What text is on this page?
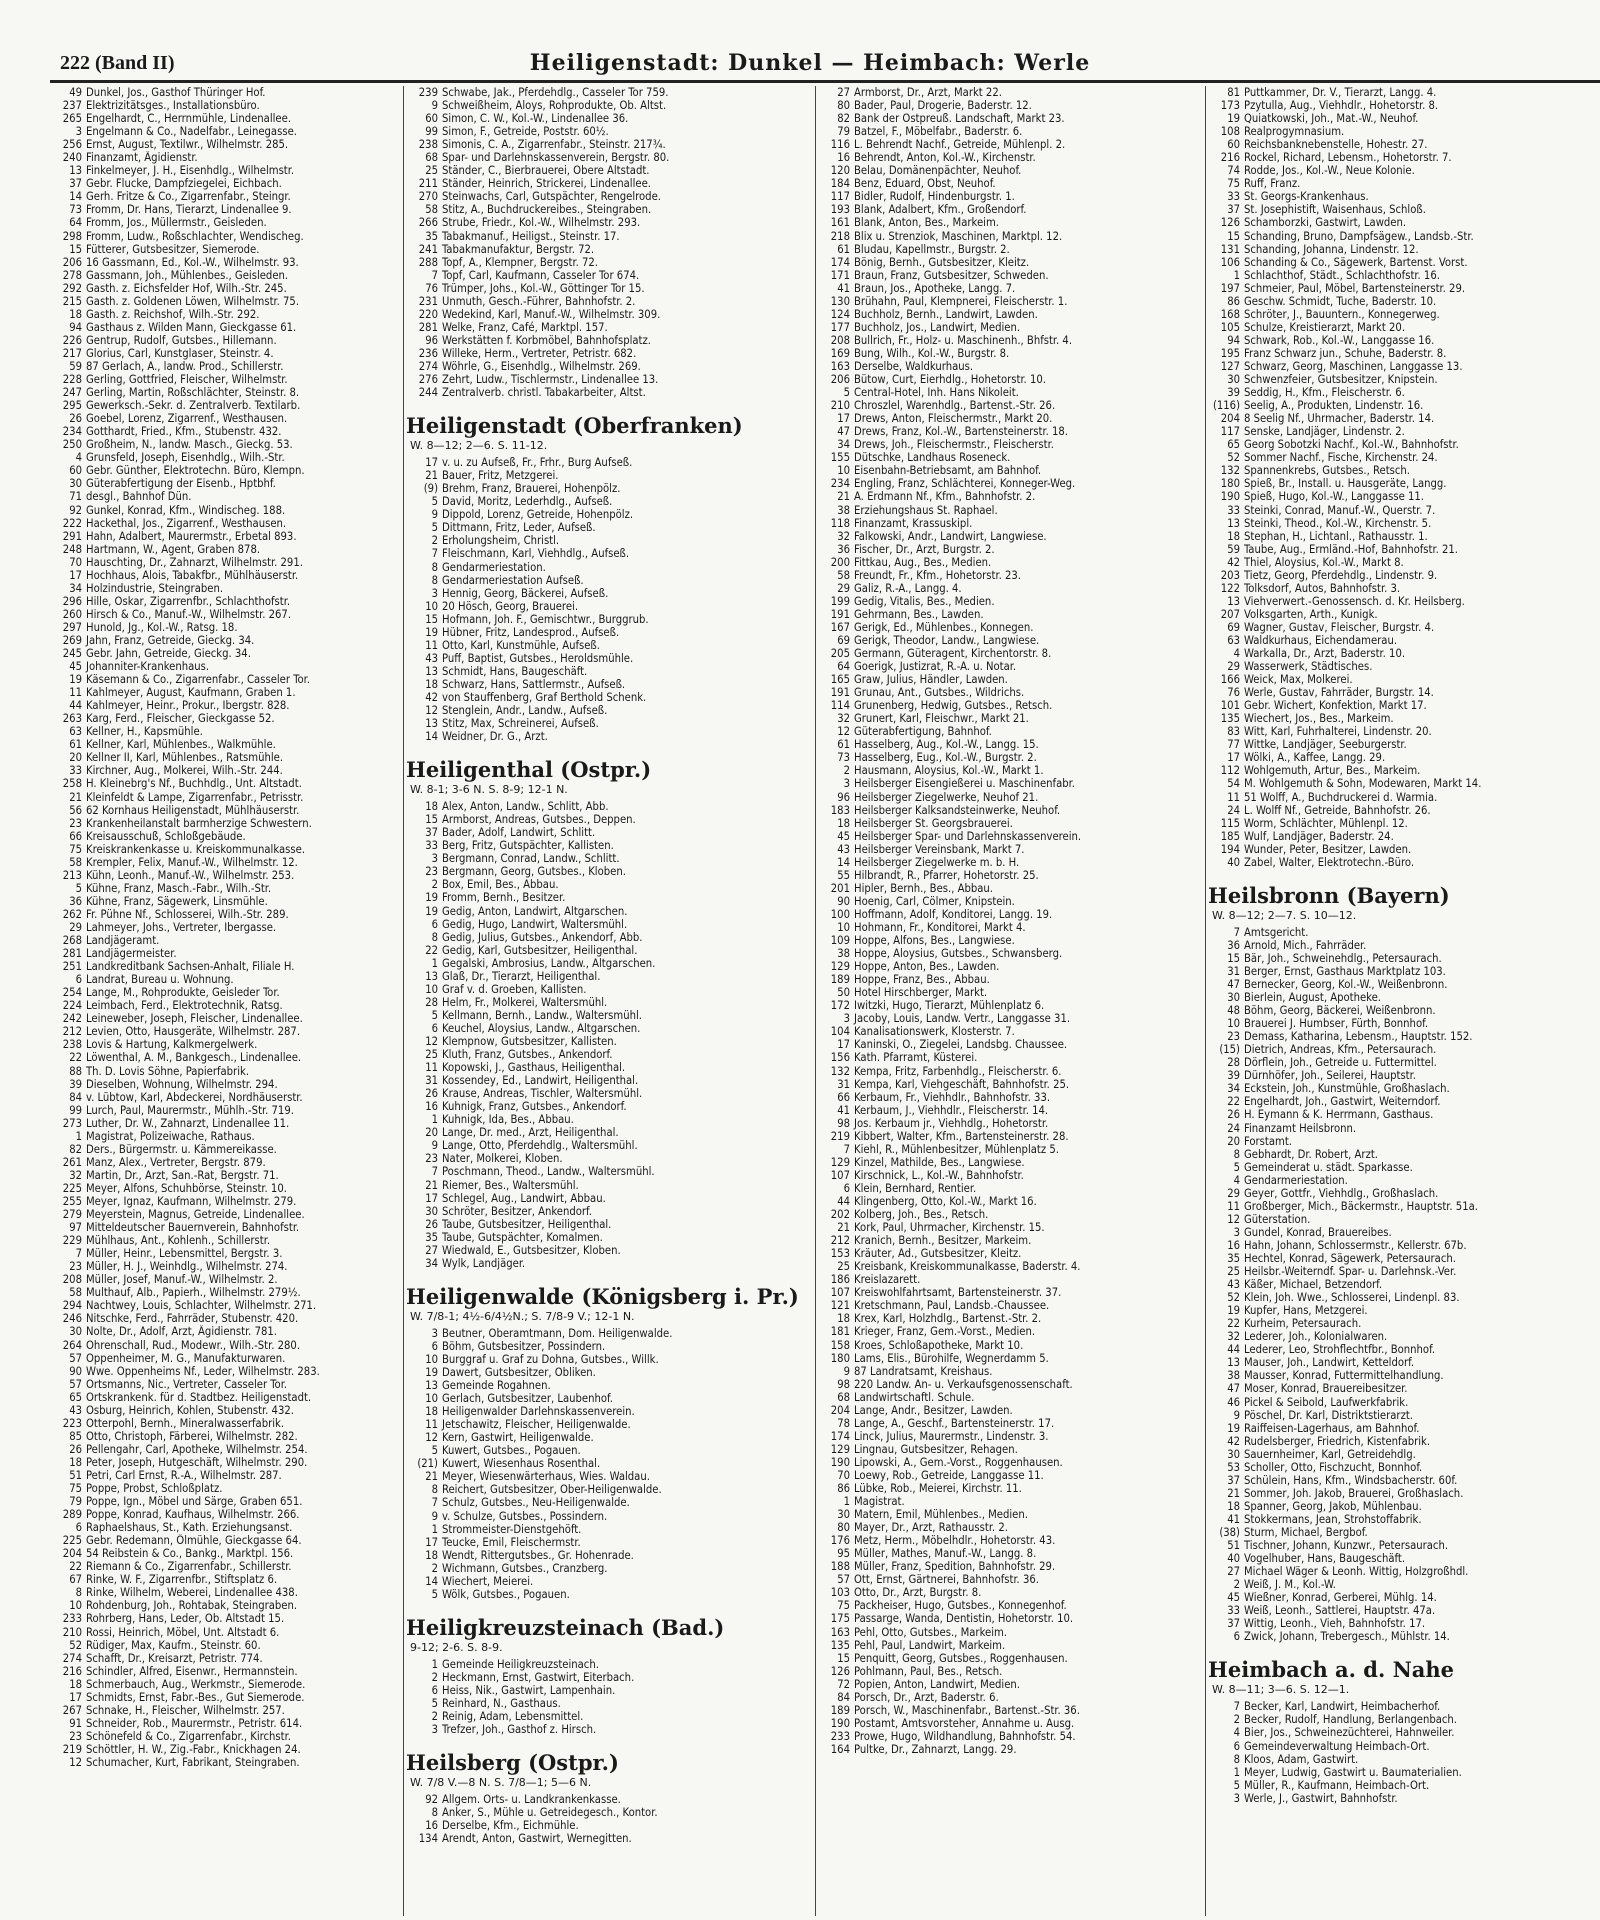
222 (Band II)	Heiligenstadt: Dunkel — Heimbach: Werle
49 Dunkel, Jos., Gasthof Thüringer Hof.
237 Elektrizitätsges., Installationsbüro.
265 Engelhardt, C., Herrnmühle, Lindenallee.
3 Engelmann & Co., Nadelfabr., Leinegasse.
256 Ernst, August, Textilwr., Wilhelmstr. 285.
240 Finanzamt, Ägidienstr.
13 Finkelmeyer, J. H., Eisenhdlg., Wilhelmstr.
37 Gebr. Flucke, Dampfziegelei, Eichbach.
14 Gerh. Fritze & Co., Zigarrenfabr., Steingr.
73 Fromm, Dr. Hans, Tierarzt, Lindenallee 9.
64 Fromm, Jos., Müllermstr., Geisleden.
298 Fromm, Ludw., Roßschlachter, Wendischeg.
15 Fütterer, Gutsbesitzer, Siemerode.
206 16 Gassmann, Ed., Kol.-W., Wilhelmstr. 93.
278 Gassmann, Joh., Mühlenbes., Geisleden.
292 Gasth. z. Eichsfelder Hof, Wilh.-Str. 245.
215 Gasth. z. Goldenen Löwen, Wilhelmstr. 75.
18 Gasth. z. Reichshof, Wilh.-Str. 292.
94 Gasthaus z. Wilden Mann, Gieckgasse 61.
226 Gentrup, Rudolf, Gutsbes., Hillemann.
217 Glorius, Carl, Kunstglaser, Steinstr. 4.
59 87 Gerlach, A., landw. Prod., Schillerstr.
228 Gerling, Gottfried, Fleischer, Wilhelmstr.
247 Gerling, Martin, Roßschlächter, Steinstr. 8.
295 Gewerksch.-Sekr. d. Zentralverb. Textilarb.
26 Goebel, Lorenz, Zigarrenf., Westhausen.
234 Gotthardt, Fried., Kfm., Stubenstr. 432.
250 Großheim, N., landw. Masch., Gieckg. 53.
4 Grunsfeld, Joseph, Eisenhdlg., Wilh.-Str.
60 Gebr. Günther, Elektrotechn. Büro, Klempn.
30 Güterabfertigung der Eisenb., Hptbhf.
71 desgl., Bahnhof Dün.
92 Gunkel, Konrad, Kfm., Windischeg. 188.
222 Hackethal, Jos., Zigarrenf., Westhausen.
291 Hahn, Adalbert, Maurermstr., Erbetal 893.
248 Hartmann, W., Agent, Graben 878.
70 Hauschting, Dr., Zahnarzt, Wilhelmstr. 291.
17 Hochhaus, Alois, Tabakfbr., Mühlhäuserstr.
34 Holzindustrie, Steingraben.
296 Hille, Oskar, Zigarrenfbr., Schlachthofstr.
260 Hirsch & Co., Manuf.-W., Wilhelmstr. 267.
297 Hunold, Jg., Kol.-W., Ratsg. 18.
269 Jahn, Franz, Getreide, Gieckg. 34.
245 Gebr. Jahn, Getreide, Gieckg. 34.
45 Johanniter-Krankenhaus.
19 Käsemann & Co., Zigarrenfabr., Casseler Tor.
11 Kahlmeyer, August, Kaufmann, Graben 1.
44 Kahlmeyer, Heinr., Prokur., Ibergstr. 828.
263 Karg, Ferd., Fleischer, Gieckgasse 52.
63 Kellner, H., Kapsmühle.
61 Kellner, Karl, Mühlenbes., Walkmühle.
20 Kellner II, Karl, Mühlenbes., Ratsmühle.
33 Kirchner, Aug., Molkerei, Wilh.-Str. 244.
258 H. Kleinebrg's Nf., Buchhdlg., Unt. Altstadt.
21 Kleinfeldt & Lampe, Zigarrenfabr., Petrisstr.
56 62 Kornhaus Heiligenstadt, Mühlhäuserstr.
23 Krankenheilanstalt barmherzige Schwestern.
66 Kreisausschuß, Schloßgebäude.
75 Kreiskrankenkasse u. Kreiskommunalkasse.
58 Krempler, Felix, Manuf.-W., Wilhelmstr. 12.
213 Kühn, Leonh., Manuf.-W., Wilhelmstr. 253.
5 Kühne, Franz, Masch.-Fabr., Wilh.-Str.
36 Kühne, Franz, Sägewerk, Linsmühle.
262 Fr. Pühne Nf., Schlosserei, Wilh.-Str. 289.
29 Lahmeyer, Johs., Vertreter, Ibergasse.
268 Landjägeramt.
281 Landjägermeister.
251 Landkreditbank Sachsen-Anhalt, Filiale H.
6 Landrat, Bureau u. Wohnung.
254 Lange, M., Rohprodukte, Geisleder Tor.
224 Leimbach, Ferd., Elektrotechnik, Ratsg.
242 Leineweber, Joseph, Fleischer, Lindenallee.
212 Levien, Otto, Hausgeräte, Wilhelmstr. 287.
238 Lovis & Hartung, Kalkmergelwerk.
22 Löwenthal, A. M., Bankgesch., Lindenallee.
88 Th. D. Lovis Söhne, Papierfabrik.
39 Dieselben, Wohnung, Wilhelmstr. 294.
84 v. Lübtow, Karl, Abdeckerei, Nordhäuserstr.
99 Lurch, Paul, Maurermstr., Mühlh.-Str. 719.
273 Luther, Dr. W., Zahnarzt, Lindenallee 11.
1 Magistrat, Polizeiwache, Rathaus.
82 Ders., Bürgermstr. u. Kämmereikasse.
261 Manz, Alex., Vertreter, Bergstr. 879.
32 Martin, Dr., Arzt, San.-Rat, Bergstr. 71.
225 Meyer, Alfons, Schuhbörse, Steinstr. 10.
255 Meyer, Ignaz, Kaufmann, Wilhelmstr. 279.
279 Meyerstein, Magnus, Getreide, Lindenallee.
97 Mitteldeutscher Bauernverein, Bahnhofstr.
229 Mühlhaus, Ant., Kohlenh., Schillerstr.
7 Müller, Heinr., Lebensmittel, Bergstr. 3.
23 Müller, H. J., Weinhdlg., Wilhelmstr. 274.
208 Müller, Josef, Manuf.-W., Wilhelmstr. 2.
58 Multhauf, Alb., Papierh., Wilhelmstr. 279½.
294 Nachtwey, Louis, Schlachter, Wilhelmstr. 271.
246 Nitschke, Ferd., Fahrräder, Stubenstr. 420.
30 Nolte, Dr., Adolf, Arzt, Ägidienstr. 781.
264 Ohrenschall, Rud., Modewr., Wilh.-Str. 280.
57 Oppenheimer, M. G., Manufakturwaren.
90 Wwe. Oppenheims Nf., Leder, Wilhelmstr. 283.
57 Ortsmanns, Nic., Vertreter, Casseler Tor.
65 Ortskrankenk. für d. Stadtbez. Heiligenstadt.
43 Osburg, Heinrich, Kohlen, Stubenstr. 432.
223 Otterpohl, Bernh., Mineralwasserfabrik.
85 Otto, Christoph, Färberei, Wilhelmstr. 282.
26 Pellengahr, Carl, Apotheke, Wilhelmstr. 254.
18 Peter, Joseph, Hutgeschäft, Wilhelmstr. 290.
51 Petri, Carl Ernst, R.-A., Wilhelmstr. 287.
75 Poppe, Probst, Schloßplatz.
79 Poppe, Ign., Möbel und Särge, Graben 651.
289 Poppe, Konrad, Kaufhaus, Wilhelmstr. 266.
6 Raphaelshaus, St., Kath. Erziehungsanst.
225 Gebr. Redemann, Ölmühle, Gieckgasse 64.
204 54 Reibstein & Co., Bankg., Marktpl. 156.
22 Riemann & Co., Zigarrenfabr., Schillerstr.
67 Rinke, W. F., Zigarrenfbr., Stiftsplatz 6.
8 Rinke, Wilhelm, Weberei, Lindenallee 438.
10 Rohdenburg, Joh., Rohtabak, Steingraben.
233 Rohrberg, Hans, Leder, Ob. Altstadt 15.
210 Rossi, Heinrich, Möbel, Unt. Altstadt 6.
52 Rüdiger, Max, Kaufm., Steinstr. 60.
274 Schafft, Dr., Kreisarzt, Petristr. 774.
216 Schindler, Alfred, Eisenwr., Hermannstein.
18 Schmerbauch, Aug., Werkmstr., Siemerode.
17 Schmidts, Ernst, Fabr.-Bes., Gut Siemerode.
267 Schnake, H., Fleischer, Wilhelmstr. 257.
91 Schneider, Rob., Maurermstr., Petristr. 614.
23 Schönefeld & Co., Zigarrenfabr., Kirchstr.
219 Schöttler, H. W., Zig.-Fabr., Knickhagen 24.
12 Schumacher, Kurt, Fabrikant, Steingraben.
239 Schwabe, Jak., Pferdehdlg., Casseler Tor 759.
9 Schweißheim, Aloys, Rohprodukte, Ob. Altst.
60 Simon, C. W., Kol.-W., Lindenallee 36.
99 Simon, F., Getreide, Poststr. 60½.
238 Simonis, C. A., Zigarrenfabr., Steinstr. 217¾.
68 Spar- und Darlehnskassenverein, Bergstr. 80.
25 Ständer, C., Bierbrauerei, Obere Altstadt.
211 Ständer, Heinrich, Strickerei, Lindenallee.
270 Steinwachs, Carl, Gutspächter, Rengelrode.
58 Stitz, A., Buchdruckereibes., Steingraben.
266 Strube, Friedr., Kol.-W., Wilhelmstr. 293.
35 Tabakmanuf., Heiligst., Steinstr. 17.
241 Tabakmanufaktur, Bergstr. 72.
288 Topf, A., Klempner, Bergstr. 72.
7 Topf, Carl, Kaufmann, Casseler Tor 674.
76 Trümper, Johs., Kol.-W., Göttinger Tor 15.
231 Unmuth, Gesch.-Führer, Bahnhofstr. 2.
220 Wedekind, Karl, Manuf.-W., Wilhelmstr. 309.
281 Welke, Franz, Café, Marktpl. 157.
96 Werkstätten f. Korbmöbel, Bahnhofsplatz.
236 Willeke, Herm., Vertreter, Petristr. 682.
274 Wöhrle, G., Eisenhdlg., Wilhelmstr. 269.
276 Zehrt, Ludw., Tischlermstr., Lindenallee 13.
244 Zentralverb. christl. Tabakarbeiter, Altst.
Heiligenstadt (Oberfranken)
W. 8—12; 2—6. S. 11-12.
17 v. u. zu Aufseß, Fr., Frhr., Burg Aufseß.
21 Bauer, Fritz, Metzgerei.
(9) Brehm, Franz, Brauerei, Hohenpölz.
5 David, Moritz, Lederhdlg., Aufseß.
9 Dippold, Lorenz, Getreide, Hohenpölz.
5 Dittmann, Fritz, Leder, Aufseß.
2 Erholungsheim, Christl.
7 Fleischmann, Karl, Viehhdlg., Aufseß.
8 Gendarmeriestation.
8 Gendarmeriestation Aufseß.
3 Hennig, Georg, Bäckerei, Aufseß.
10 20 Hösch, Georg, Brauerei.
15 Hofmann, Joh. F., Gemischtwr., Burggrub.
19 Hübner, Fritz, Landesprod., Aufseß.
11 Otto, Karl, Kunstmühle, Aufseß.
43 Puff, Baptist, Gutsbes., Heroldsmühle.
13 Schmidt, Hans, Baugeschäft.
18 Schwarz, Hans, Sattlermstr., Aufseß.
42 von Stauffenberg, Graf Berthold Schenk.
12 Stenglein, Andr., Landw., Aufseß.
13 Stitz, Max, Schreinerei, Aufseß.
14 Weidner, Dr. G., Arzt.
Heiligenthal (Ostpr.)
W. 8-1; 3-6 N. S. 8-9; 12-1 N.
18 Alex, Anton, Landw., Schlitt, Abb.
15 Armborst, Andreas, Gutsbes., Deppen.
37 Bader, Adolf, Landwirt, Schlitt.
33 Berg, Fritz, Gutspächter, Kallisten.
3 Bergmann, Conrad, Landw., Schlitt.
23 Bergmann, Georg, Gutsbes., Kloben.
2 Box, Emil, Bes., Abbau.
19 Fromm, Bernh., Besitzer.
19 Gedig, Anton, Landwirt, Altgarschen.
6 Gedig, Hugo, Landwirt, Waltersmühl.
8 Gedig, Julius, Gutsbes., Ankendorf, Abb.
22 Gedig, Karl, Gutsbesitzer, Heiligenthal.
1 Gegalski, Ambrosius, Landw., Altgarschen.
13 Glaß, Dr., Tierarzt, Heiligenthal.
10 Graf v. d. Groeben, Kallisten.
28 Helm, Fr., Molkerei, Waltersmühl.
5 Kellmann, Bernh., Landw., Waltersmühl.
6 Keuchel, Aloysius, Landw., Altgarschen.
12 Klempnow, Gutsbesitzer, Kallisten.
25 Kluth, Franz, Gutsbes., Ankendorf.
11 Kopowski, J., Gasthaus, Heiligenthal.
31 Kossendey, Ed., Landwirt, Heiligenthal.
26 Krause, Andreas, Tischler, Waltersmühl.
16 Kuhnigk, Franz, Gutsbes., Ankendorf.
1 Kuhnigk, Ida, Bes., Abbau.
20 Lange, Dr. med., Arzt, Heiligenthal.
9 Lange, Otto, Pferdehdlg., Waltersmühl.
23 Nater, Molkerei, Kloben.
7 Poschmann, Theod., Landw., Waltersmühl.
21 Riemer, Bes., Waltersmühl.
17 Schlegel, Aug., Landwirt, Abbau.
30 Schröter, Besitzer, Ankendorf.
26 Taube, Gutsbesitzer, Heiligenthal.
35 Taube, Gutspächter, Komalmen.
27 Wiedwald, E., Gutsbesitzer, Kloben.
34 Wylk, Landjäger.
Heiligenwalde (Königsberg i. Pr.)
W. 7/8-1; 4½-6/4½N.; S. 7/8-9 V.; 12-1 N.
3 Beutner, Oberamtmann, Dom. Heiligenwalde.
6 Böhm, Gutsbesitzer, Possindern.
10 Burggraf u. Graf zu Dohna, Gutsbes., Willk.
19 Dawert, Gutsbesitzer, Obliken.
13 Gemeinde Rogahnen.
10 Gerlach, Gutsbesitzer, Laubenhof.
18 Heiligenwalder Darlehnskassenverein.
11 Jetschawitz, Fleischer, Heiligenwalde.
12 Kern, Gastwirt, Heiligenwalde.
5 Kuwert, Gutsbes., Pogauen.
(21) Kuwert, Wiesenhaus Rosenthal.
21 Meyer, Wiesenwärterhaus, Wies. Waldau.
8 Reichert, Gutsbesitzer, Ober-Heiligenwalde.
7 Schulz, Gutsbes., Neu-Heiligenwalde.
9 v. Schulze, Gutsbes., Possindern.
1 Strommeister-Dienstgehöft.
17 Teucke, Emil, Fleischermstr.
18 Wendt, Rittergutsbes., Gr. Hohenrade.
2 Wichmann, Gutsbes., Cranzberg.
14 Wiechert, Meierei.
5 Wölk, Gutsbes., Pogauen.
Heiligkreuzsteinach (Bad.)
9-12; 2-6. S. 8-9.
1 Gemeinde Heiligkreuzsteinach.
2 Heckmann, Ernst, Gastwirt, Eiterbach.
6 Heiss, Nik., Gastwirt, Lampenhain.
5 Reinhard, N., Gasthaus.
2 Reinig, Adam, Lebensmittel.
3 Trefzer, Joh., Gasthof z. Hirsch.
Heilsberg (Ostpr.)
W. 7/8 V.—8 N. S. 7/8—1; 5—6 N.
92 Allgem. Orts- u. Landkrankenkasse.
8 Anker, S., Mühle u. Getreidegesch., Kontor.
16 Derselbe, Kfm., Eichmühle.
134 Arendt, Anton, Gastwirt, Wernegitten.
27 Armborst, Dr., Arzt, Markt 22.
80 Bader, Paul, Drogerie, Baderstr. 12.
82 Bank der Ostpreuß. Landschaft, Markt 23.
79 Batzel, F., Möbelfabr., Baderstr. 6.
116 L. Behrendt Nachf., Getreide, Mühlenpl. 2.
16 Behrendt, Anton, Kol.-W., Kirchenstr.
120 Belau, Domänenpächter, Neuhof.
184 Benz, Eduard, Obst, Neuhof.
117 Bidler, Rudolf, Hindenburgstr. 1.
193 Blank, Adalbert, Kfm., Großendorf.
161 Blank, Anton, Bes., Markeim.
218 Blix u. Strenziok, Maschinen, Marktpl. 12.
61 Bludau, Kapellmstr., Burgstr. 2.
174 Bönig, Bernh., Gutsbesitzer, Kleitz.
171 Braun, Franz, Gutsbesitzer, Schweden.
41 Braun, Jos., Apotheke, Langg. 7.
130 Brühahn, Paul, Klempnerei, Fleischerstr. 1.
124 Buchholz, Bernh., Landwirt, Lawden.
177 Buchholz, Jos., Landwirt, Medien.
208 Bullrich, Fr., Holz- u. Maschinenh., Bhfstr. 4.
169 Bung, Wilh., Kol.-W., Burgstr. 8.
163 Derselbe, Waldkurhaus.
206 Bütow, Curt, Eierhdlg., Hohetorstr. 10.
5 Central-Hotel, Inh. Hans Nikoleit.
210 Chroszlel, Warenhdlg., Bartenst.-Str. 26.
17 Drews, Anton, Fleischermstr., Markt 20.
47 Drews, Franz, Kol.-W., Bartensteinerstr. 18.
34 Drews, Joh., Fleischermstr., Fleischerstr.
155 Dütschke, Landhaus Roseneck.
10 Eisenbahn-Betriebsamt, am Bahnhof.
234 Engling, Franz, Schlächterei, Konneger-Weg.
21 A. Erdmann Nf., Kfm., Bahnhofstr. 2.
38 Erziehungshaus St. Raphael.
118 Finanzamt, Krassuskipl.
32 Falkowski, Andr., Landwirt, Langwiese.
36 Fischer, Dr., Arzt, Burgstr. 2.
200 Fittkau, Aug., Bes., Medien.
58 Freundt, Fr., Kfm., Hohetorstr. 23.
29 Galiz, R.-A., Langg. 4.
199 Gedig, Vitalis, Bes., Medien.
191 Gehrmann, Bes., Lawden.
167 Gerigk, Ed., Mühlenbes., Konnegen.
69 Gerigk, Theodor, Landw., Langwiese.
205 Germann, Güteragent, Kirchentorstr. 8.
64 Goerigk, Justizrat, R.-A. u. Notar.
165 Graw, Julius, Händler, Lawden.
191 Grunau, Ant., Gutsbes., Wildrichs.
114 Grunenberg, Hedwig, Gutsbes., Retsch.
32 Grunert, Karl, Fleischwr., Markt 21.
12 Güterabfertigung, Bahnhof.
61 Hasselberg, Aug., Kol.-W., Langg. 15.
73 Hasselberg, Eug., Kol.-W., Burgstr. 2.
2 Hausmann, Aloysius, Kol.-W., Markt 1.
3 Heilsberger Eisengießerei u. Maschinenfabr.
96 Heilsberger Ziegelwerke, Neuhof 21.
183 Heilsberger Kalksandsteinwerke, Neuhof.
18 Heilsberger St. Georgsbrauerei.
45 Heilsberger Spar- und Darlehnskassenverein.
43 Heilsberger Vereinsbank, Markt 7.
14 Heilsberger Ziegelwerke m. b. H.
55 Hilbrandt, R., Pfarrer, Hohetorstr. 25.
201 Hipler, Bernh., Bes., Abbau.
90 Hoenig, Carl, Cölmer, Knipstein.
100 Hoffmann, Adolf, Konditorei, Langg. 19.
10 Hohmann, Fr., Konditorei, Markt 4.
109 Hoppe, Alfons, Bes., Langwiese.
38 Hoppe, Aloysius, Gutsbes., Schwansberg.
129 Hoppe, Anton, Bes., Lawden.
189 Hoppe, Franz, Bes., Abbau.
50 Hotel Hirschberger, Markt.
172 Iwitzki, Hugo, Tierarzt, Mühlenplatz 6.
3 Jacoby, Louis, Landw. Vertr., Langgasse 31.
104 Kanalisationswerk, Klosterstr. 7.
17 Kaninski, O., Ziegelei, Landsbg. Chaussee.
156 Kath. Pfarramt, Küsterei.
132 Kempa, Fritz, Farbenhdlg., Fleischerstr. 6.
31 Kempa, Karl, Viehgeschäft, Bahnhofstr. 25.
66 Kerbaum, Fr., Viehhdlr., Bahnhofstr. 33.
41 Kerbaum, J., Viehhdlr., Fleischerstr. 14.
98 Jos. Kerbaum jr., Viehhdlg., Hohetorstr.
219 Kibbert, Walter, Kfm., Bartensteinerstr. 28.
7 Kiehl, R., Mühlenbesitzer, Mühlenplatz 5.
129 Kinzel, Mathilde, Bes., Langwiese.
107 Kirschnick, L., Kol.-W., Bahnhofstr.
6 Klein, Bernhard, Rentier.
44 Klingenberg, Otto, Kol.-W., Markt 16.
202 Kolberg, Joh., Bes., Retsch.
21 Kork, Paul, Uhrmacher, Kirchenstr. 15.
212 Kranich, Bernh., Besitzer, Markeim.
153 Kräuter, Ad., Gutsbesitzer, Kleitz.
25 Kreisbank, Kreiskommunalkasse, Baderstr. 4.
186 Kreislazarett.
107 Kreiswohlfahrtsamt, Bartensteinerstr. 37.
121 Kretschmann, Paul, Landsb.-Chaussee.
18 Krex, Karl, Holzhdlg., Bartenst.-Str. 2.
181 Krieger, Franz, Gem.-Vorst., Medien.
158 Kroes, Schloßapotheke, Markt 10.
180 Lams, Elis., Bürohilfe, Wegnerdamm 5.
9 87 Landratsamt, Kreishaus.
98 220 Landw. An- u. Verkaufsgenossenschaft.
68 Landwirtschaftl. Schule.
204 Lange, Andr., Besitzer, Lawden.
78 Lange, A., Geschf., Bartensteinerstr. 17.
174 Linck, Julius, Maurermstr., Lindenstr. 3.
129 Lingnau, Gutsbesitzer, Rehagen.
190 Lipowski, A., Gem.-Vorst., Roggenhausen.
70 Loewy, Rob., Getreide, Langgasse 11.
86 Lübke, Rob., Meierei, Kirchstr. 11.
1 Magistrat.
30 Matern, Emil, Mühlenbes., Medien.
80 Mayer, Dr., Arzt, Rathausstr. 2.
176 Metz, Herm., Möbelhdlr., Hohetorstr. 43.
95 Müller, Mathes, Manuf.-W., Langg. 8.
188 Müller, Franz, Spedition, Bahnhofstr. 29.
57 Ott, Ernst, Gärtnerei, Bahnhofstr. 36.
103 Otto, Dr., Arzt, Burgstr. 8.
75 Packheiser, Hugo, Gutsbes., Konnegenhof.
175 Passarge, Wanda, Dentistin, Hohetorstr. 10.
163 Pehl, Otto, Gutsbes., Markeim.
135 Pehl, Paul, Landwirt, Markeim.
15 Penquitt, Georg, Gutsbes., Roggenhausen.
126 Pohlmann, Paul, Bes., Retsch.
72 Popien, Anton, Landwirt, Medien.
84 Porsch, Dr., Arzt, Baderstr. 6.
189 Porsch, W., Maschinenfabr., Bartenst.-Str. 36.
190 Postamt, Amtsvorsteher, Annahme u. Ausg.
233 Prowe, Hugo, Wildhandlung, Bahnhofstr. 54.
164 Pultke, Dr., Zahnarzt, Langg. 29.
81 Puttkammer, Dr. V., Tierarzt, Langg. 4.
173 Pzytulla, Aug., Viehhdlr., Hohetorstr. 8.
19 Quiatkowski, Joh., Mat.-W., Neuhof.
108 Realprogymnasium.
60 Reichsbanknebenstelle, Hohestr. 27.
216 Rockel, Richard, Lebensm., Hohetorstr. 7.
74 Rodde, Jos., Kol.-W., Neue Kolonie.
75 Ruff, Franz.
33 St. Georgs-Krankenhaus.
37 St. Josephistift, Waisenhaus, Schloß.
126 Schamborzki, Gastwirt, Lawden.
15 Schanding, Bruno, Dampfsägew., Landsb.-Str.
131 Schanding, Johanna, Lindenstr. 12.
106 Schanding & Co., Sägewerk, Bartenst. Vorst.
1 Schlachthof, Städt., Schlachthofstr. 16.
197 Schmeier, Paul, Möbel, Bartensteinerstr. 29.
86 Geschw. Schmidt, Tuche, Baderstr. 10.
168 Schröter, J., Bauuntern., Konnegerweg.
105 Schulze, Kreistierarzt, Markt 20.
94 Schwark, Rob., Kol.-W., Langgasse 16.
195 Franz Schwarz jun., Schuhe, Baderstr. 8.
127 Schwarz, Georg, Maschinen, Langgasse 13.
30 Schwenzfeier, Gutsbesitzer, Knipstein.
39 Seddig, H., Kfm., Fleischerstr. 6.
(116) Seelig, A., Produkten, Lindenstr. 16.
204 8 Seelig Nf., Uhrmacher, Baderstr. 14.
117 Senske, Landjäger, Lindenstr. 2.
65 Georg Sobotzki Nachf., Kol.-W., Bahnhofstr.
52 Sommer Nachf., Fische, Kirchenstr. 24.
132 Spannenkrebs, Gutsbes., Retsch.
180 Spieß, Br., Install. u. Hausgeräte, Langg.
190 Spieß, Hugo, Kol.-W., Langgasse 11.
33 Steinki, Conrad, Manuf.-W., Querstr. 7.
13 Steinki, Theod., Kol.-W., Kirchenstr. 5.
18 Stephan, H., Lichtanl., Rathausstr. 1.
59 Taube, Aug., Ermländ.-Hof, Bahnhofstr. 21.
42 Thiel, Aloysius, Kol.-W., Markt 8.
203 Tietz, Georg, Pferdehdlg., Lindenstr. 9.
122 Tolksdorf, Autos, Bahnhofstr. 3.
13 Viehverwert.-Genossensch. d. Kr. Heilsberg.
207 Volksgarten, Arth., Kunigk.
69 Wagner, Gustav, Fleischer, Burgstr. 4.
63 Waldkurhaus, Eichendamerau.
4 Warkalla, Dr., Arzt, Baderstr. 10.
29 Wasserwerk, Städtisches.
166 Weick, Max, Molkerei.
76 Werle, Gustav, Fahrräder, Burgstr. 14.
101 Gebr. Wichert, Konfektion, Markt 17.
135 Wiechert, Jos., Bes., Markeim.
83 Witt, Karl, Fuhrhalterei, Lindenstr. 20.
77 Wittke, Landjäger, Seeburgerstr.
17 Wölki, A., Kaffee, Langg. 29.
112 Wohlgemuth, Artur, Bes., Markeim.
54 M. Wohlgemuth & Sohn, Modewaren, Markt 14.
11 51 Wolff, A., Buchdruckerei d. Warmia.
24 L. Wolff Nf., Getreide, Bahnhofstr. 26.
115 Worm, Schlächter, Mühlenpl. 12.
185 Wulf, Landjäger, Baderstr. 24.
194 Wunder, Peter, Besitzer, Lawden.
40 Zabel, Walter, Elektrotechn.-Büro.
Heilsbronn (Bayern)
W. 8—12; 2—7. S. 10—12.
7 Amtsgericht.
36 Arnold, Mich., Fahrräder.
15 Bär, Joh., Schweinehdlg., Petersaurach.
31 Berger, Ernst, Gasthaus Marktplatz 103.
47 Bernecker, Georg, Kol.-W., Weißenbronn.
30 Bierlein, August, Apotheke.
48 Böhm, Georg, Bäckerei, Weißenbronn.
10 Brauerei J. Humbser, Fürth, Bonnhof.
23 Demass, Katharina, Lebensm., Hauptstr. 152.
(15) Dietrich, Andreas, Kfm., Petersaurach.
28 Dörflein, Joh., Getreide u. Futtermittel.
39 Dürnhöfer, Joh., Seilerei, Hauptstr.
34 Eckstein, Joh., Kunstmühle, Großhaslach.
22 Engelhardt, Joh., Gastwirt, Weiterndorf.
26 H. Eymann & K. Herrmann, Gasthaus.
24 Finanzamt Heilsbronn.
20 Forstamt.
8 Gebhardt, Dr. Robert, Arzt.
5 Gemeinderat u. städt. Sparkasse.
4 Gendarmeriestation.
29 Geyer, Gottfr., Viehhdlg., Großhaslach.
11 Großberger, Mich., Bäckermstr., Hauptstr. 51a.
12 Güterstation.
3 Gundel, Konrad, Brauereibes.
16 Hahn, Johann, Schlossermstr., Kellerstr. 67b.
35 Hechtel, Konrad, Sägewerk, Petersaurach.
25 Heilsbr.-Weiterndf. Spar- u. Darlehnsk.-Ver.
43 Käßer, Michael, Betzendorf.
52 Klein, Joh. Wwe., Schlosserei, Lindenpl. 83.
19 Kupfer, Hans, Metzgerei.
22 Kurheim, Petersaurach.
32 Lederer, Joh., Kolonialwaren.
44 Lederer, Leo, Strohflechtfbr., Bonnhof.
13 Mauser, Joh., Landwirt, Ketteldorf.
38 Mausser, Konrad, Futtermittelhandlung.
47 Moser, Konrad, Brauereibesitzer.
46 Pickel & Seibold, Laufwerkfabrik.
9 Pöschel, Dr. Karl, Distriktstierarzt.
19 Raiffeisen-Lagerhaus, am Bahnhof.
42 Rudelsberger, Friedrich, Kistenfabrik.
30 Sauernheimer, Karl, Getreidehdlg.
53 Scholler, Otto, Fischzucht, Bonnhof.
37 Schülein, Hans, Kfm., Windsbacherstr. 60f.
21 Sommer, Joh. Jakob, Brauerei, Großhaslach.
18 Spanner, Georg, Jakob, Mühlenbau.
41 Stokkermans, Jean, Strohstoffabrik.
(38) Sturm, Michael, Bergbof.
51 Tischner, Johann, Kunzwr., Petersaurach.
40 Vogelhuber, Hans, Baugeschäft.
27 Michael Wäger & Leonh. Wittig, Holzgroßhdl.
2 Weiß, J. M., Kol.-W.
45 Wießner, Konrad, Gerberei, Mühlg. 14.
33 Weiß, Leonh., Sattlerei, Hauptstr. 47a.
37 Wittig, Leonh., Vieh, Bahnhofstr. 17.
6 Zwick, Johann, Trebergesch., Mühlstr. 14.
Heimbach a. d. Nahe
W. 8—11; 3—6. S. 12—1.
7 Becker, Karl, Landwirt, Heimbacherhof.
2 Becker, Rudolf, Handlung, Berlangenbach.
4 Bier, Jos., Schweinezüchterei, Hahnweiler.
6 Gemeindeverwaltung Heimbach-Ort.
8 Kloos, Adam, Gastwirt.
1 Meyer, Ludwig, Gastwirt u. Baumaterialien.
5 Müller, R., Kaufmann, Heimbach-Ort.
3 Werle, J., Gastwirt, Bahnhofstr.
